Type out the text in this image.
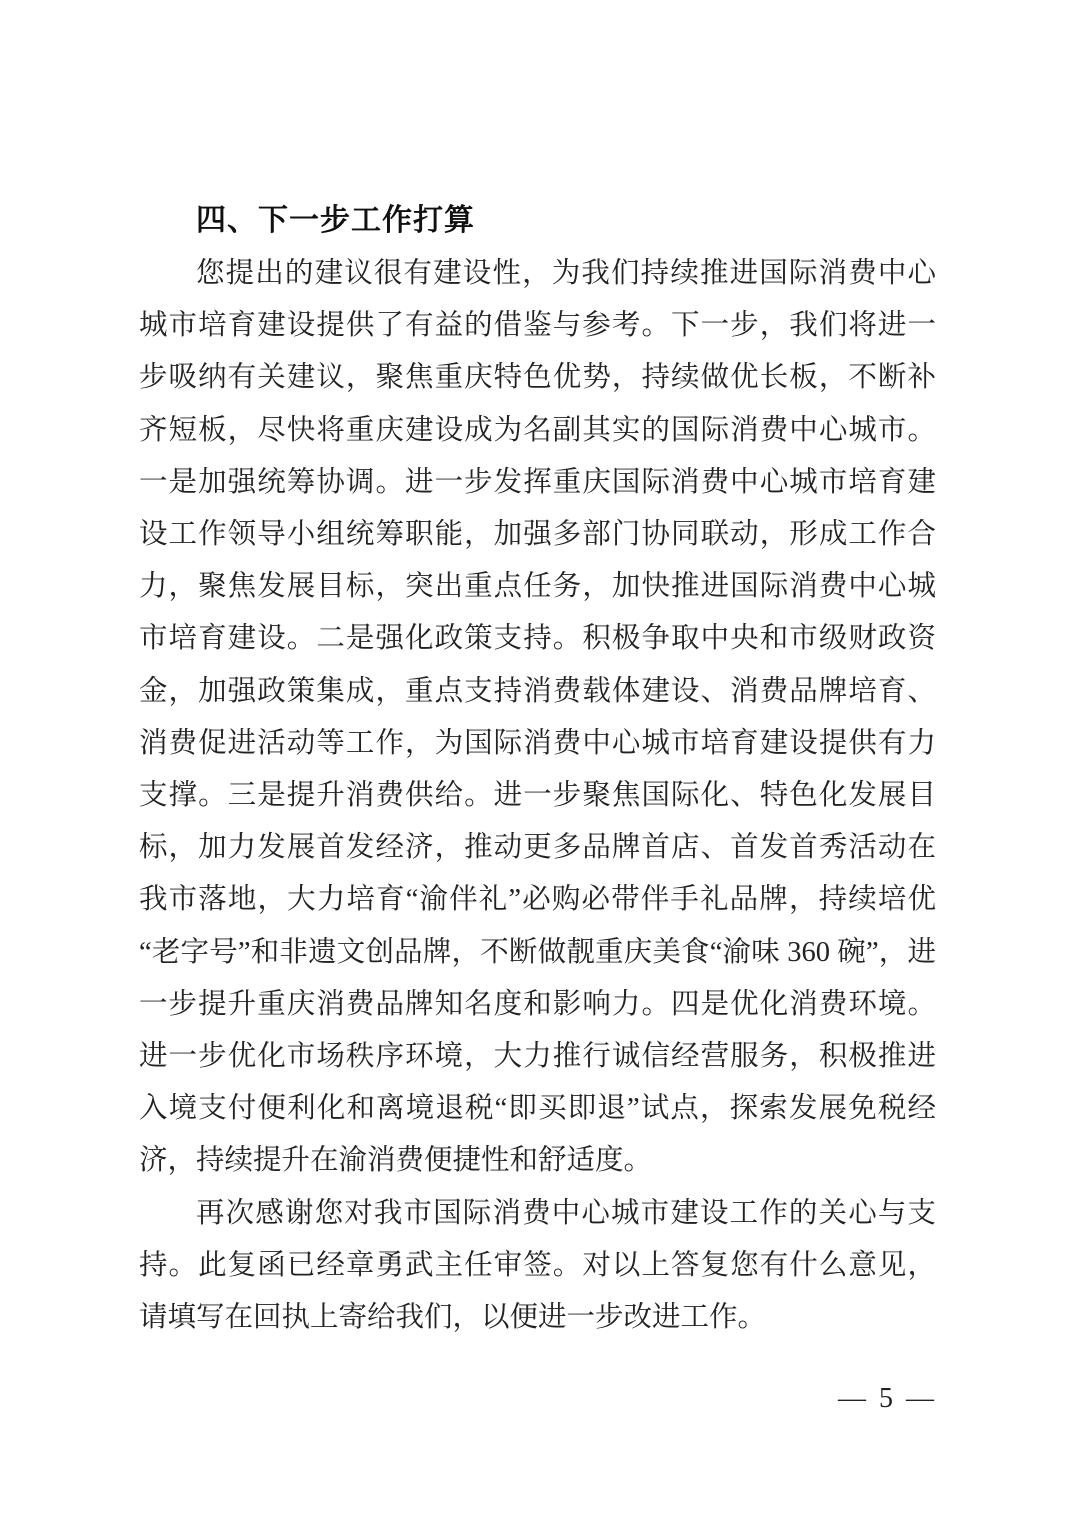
四、下一步工作打算

您提出的建议很有建设性，为我们持续推进国际消费中心城市培育建设提供了有益的借鉴与参考。下一步，我们将进一步吸纳有关建议，聚焦重庆特色优势，持续做优长板，不断补齐短板，尽快将重庆建设成为名副其实的国际消费中心城市。一是加强统筹协调。进一步发挥重庆国际消费中心城市培育建设工作领导小组统筹职能，加强多部门协同联动，形成工作合力，聚焦发展目标，突出重点任务，加快推进国际消费中心城市培育建设。二是强化政策支持。积极争取中央和市级财政资金，加强政策集成，重点支持消费载体建设、消费品牌培育、消费促进活动等工作，为国际消费中心城市培育建设提供有力支撑。三是提升消费供给。进一步聚焦国际化、特色化发展目标，加力发展首发经济，推动更多品牌首店、首发首秀活动在我市落地，大力培育“渝伴礼”必购必带伴手礼品牌，持续培优“老字号”和非遗文创品牌，不断做靓重庆美食“渝味 360 碗”，进一步提升重庆消费品牌知名度和影响力。四是优化消费环境。进一步优化市场秩序环境，大力推行诚信经营服务，积极推进入境支付便利化和离境退税“即买即退”试点，探索发展免税经济，持续提升在渝消费便捷性和舒适度。

再次感谢您对我市国际消费中心城市建设工作的关心与支持。此复函已经章勇武主任审签。对以上答复您有什么意见，请填写在回执上寄给我们，以便进一步改进工作。

— 5 —
